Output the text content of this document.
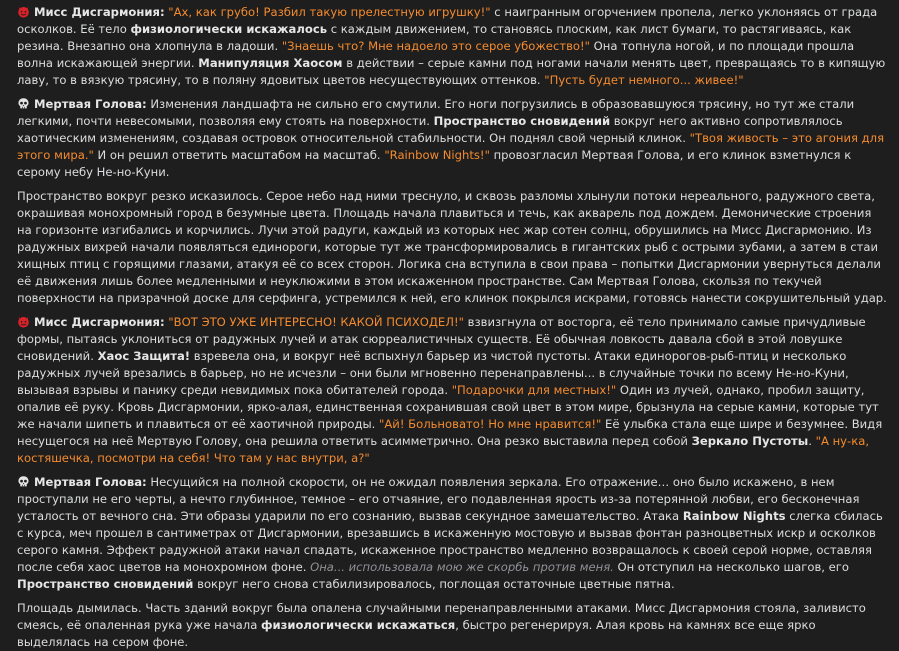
Мисс Дисгармония: "Ах, как грубо! Разбил такую прелестную игрушку!" с наигранным огорчением пропела, легко уклоняясь от града осколков. Её тело физиологически искажалось с каждым движением, то становясь плоским, как лист бумаги, то растягиваясь, как резина. Внезапно она хлопнула в ладоши. "Знаешь что? Мне надоело это серое убожество!" Она топнула ногой, и по площади прошла волна искажающей энергии. Манипуляция Хаосом в действии – серые камни под ногами начали менять цвет, превращаясь то в кипящую лаву, то в вязкую трясину, то в поляну ядовитых цветов несуществующих оттенков. "Пусть будет немного... живее!"

Мертвая Голова: Изменения ландшафта не сильно его смутили. Его ноги погрузились в образовавшуюся трясину, но тут же стали легкими, почти невесомыми, позволяя ему стоять на поверхности. Пространство сновидений вокруг него активно сопротивлялось хаотическим изменениям, создавая островок относительной стабильности. Он поднял свой черный клинок. "Твоя живость – это агония для этого мира." И он решил ответить масштабом на масштаб. "Rainbow Nights!" провозгласил Мертвая Голова, и его клинок взметнулся к серому небу Не-но-Куни.

Пространство вокруг резко исказилось. Серое небо над ними треснуло, и сквозь разломы хлынули потоки нереального, радужного света, окрашивая монохромный город в безумные цвета. Площадь начала плавиться и течь, как акварель под дождем. Демонические строения на горизонте изгибались и корчились. Лучи этой радуги, каждый из которых нес жар сотен солнц, обрушились на Мисс Дисгармонию. Из радужных вихрей начали появляться единороги, которые тут же трансформировались в гигантских рыб с острыми зубами, а затем в стаи хищных птиц с горящими глазами, атакуя её со всех сторон. Логика сна вступила в свои права – попытки Дисгармонии увернуться делали её движения лишь более медленными и неуклюжими в этом искаженном пространстве. Сам Мертвая Голова, скользя по текучей поверхности на призрачной доске для серфинга, устремился к ней, его клинок покрылся искрами, готовясь нанести сокрушительный удар.

Мисс Дисгармония: "ВОТ ЭТО УЖЕ ИНТЕРЕСНО! КАКОЙ ПСИХОДЕЛ!" взвизгнула от восторга, её тело принимало самые причудливые формы, пытаясь уклониться от радужных лучей и атак сюрреалистичных существ. Её обычная ловкость давала сбой в этой ловушке сновидений. Хаос Защита! взревела она, и вокруг неё вспыхнул барьер из чистой пустоты. Атаки единорогов-рыб-птиц и несколько радужных лучей врезались в барьер, но не исчезли – они были мгновенно перенаправлены... в случайные точки по всему Не-но-Куни, вызывая взрывы и панику среди невидимых пока обитателей города. "Подарочки для местных!" Один из лучей, однако, пробил защиту, опалив её руку. Кровь Дисгармонии, ярко-алая, единственная сохранившая свой цвет в этом мире, брызнула на серые камни, которые тут же начали шипеть и плавиться от её хаотичной природы. "Ай! Больновато! Но мне нравится!" Её улыбка стала еще шире и безумнее. Видя несущегося на неё Мертвую Голову, она решила ответить асимметрично. Она резко выставила перед собой Зеркало Пустоты. "А ну-ка, костяшечка, посмотри на себя! Что там у нас внутри, а?"

Мертвая Голова: Несущийся на полной скорости, он не ожидал появления зеркала. Его отражение… оно было искажено, в нем проступали не его черты, а нечто глубинное, темное – его отчаяние, его подавленная ярость из-за потерянной любви, его бесконечная усталость от вечного сна. Эти образы ударили по его сознанию, вызвав секундное замешательство. Атака Rainbow Nights слегка сбилась с курса, меч прошел в сантиметрах от Дисгармонии, врезавшись в искаженную мостовую и вызвав фонтан разноцветных искр и осколков серого камня. Эффект радужной атаки начал спадать, искаженное пространство медленно возвращалось к своей серой норме, оставляя после себя хаос цветов на монохромном фоне. Она... использовала мою же скорбь против меня. Он отступил на несколько шагов, его Пространство сновидений вокруг него снова стабилизировалось, поглощая остаточные цветные пятна.

Площадь дымилась. Часть зданий вокруг была опалена случайными перенаправленными атаками. Мисс Дисгармония стояла, заливисто смеясь, её опаленная рука уже начала физиологически искажаться, быстро регенерируя. Алая кровь на камнях все еще ярко выделялась на сером фоне.
